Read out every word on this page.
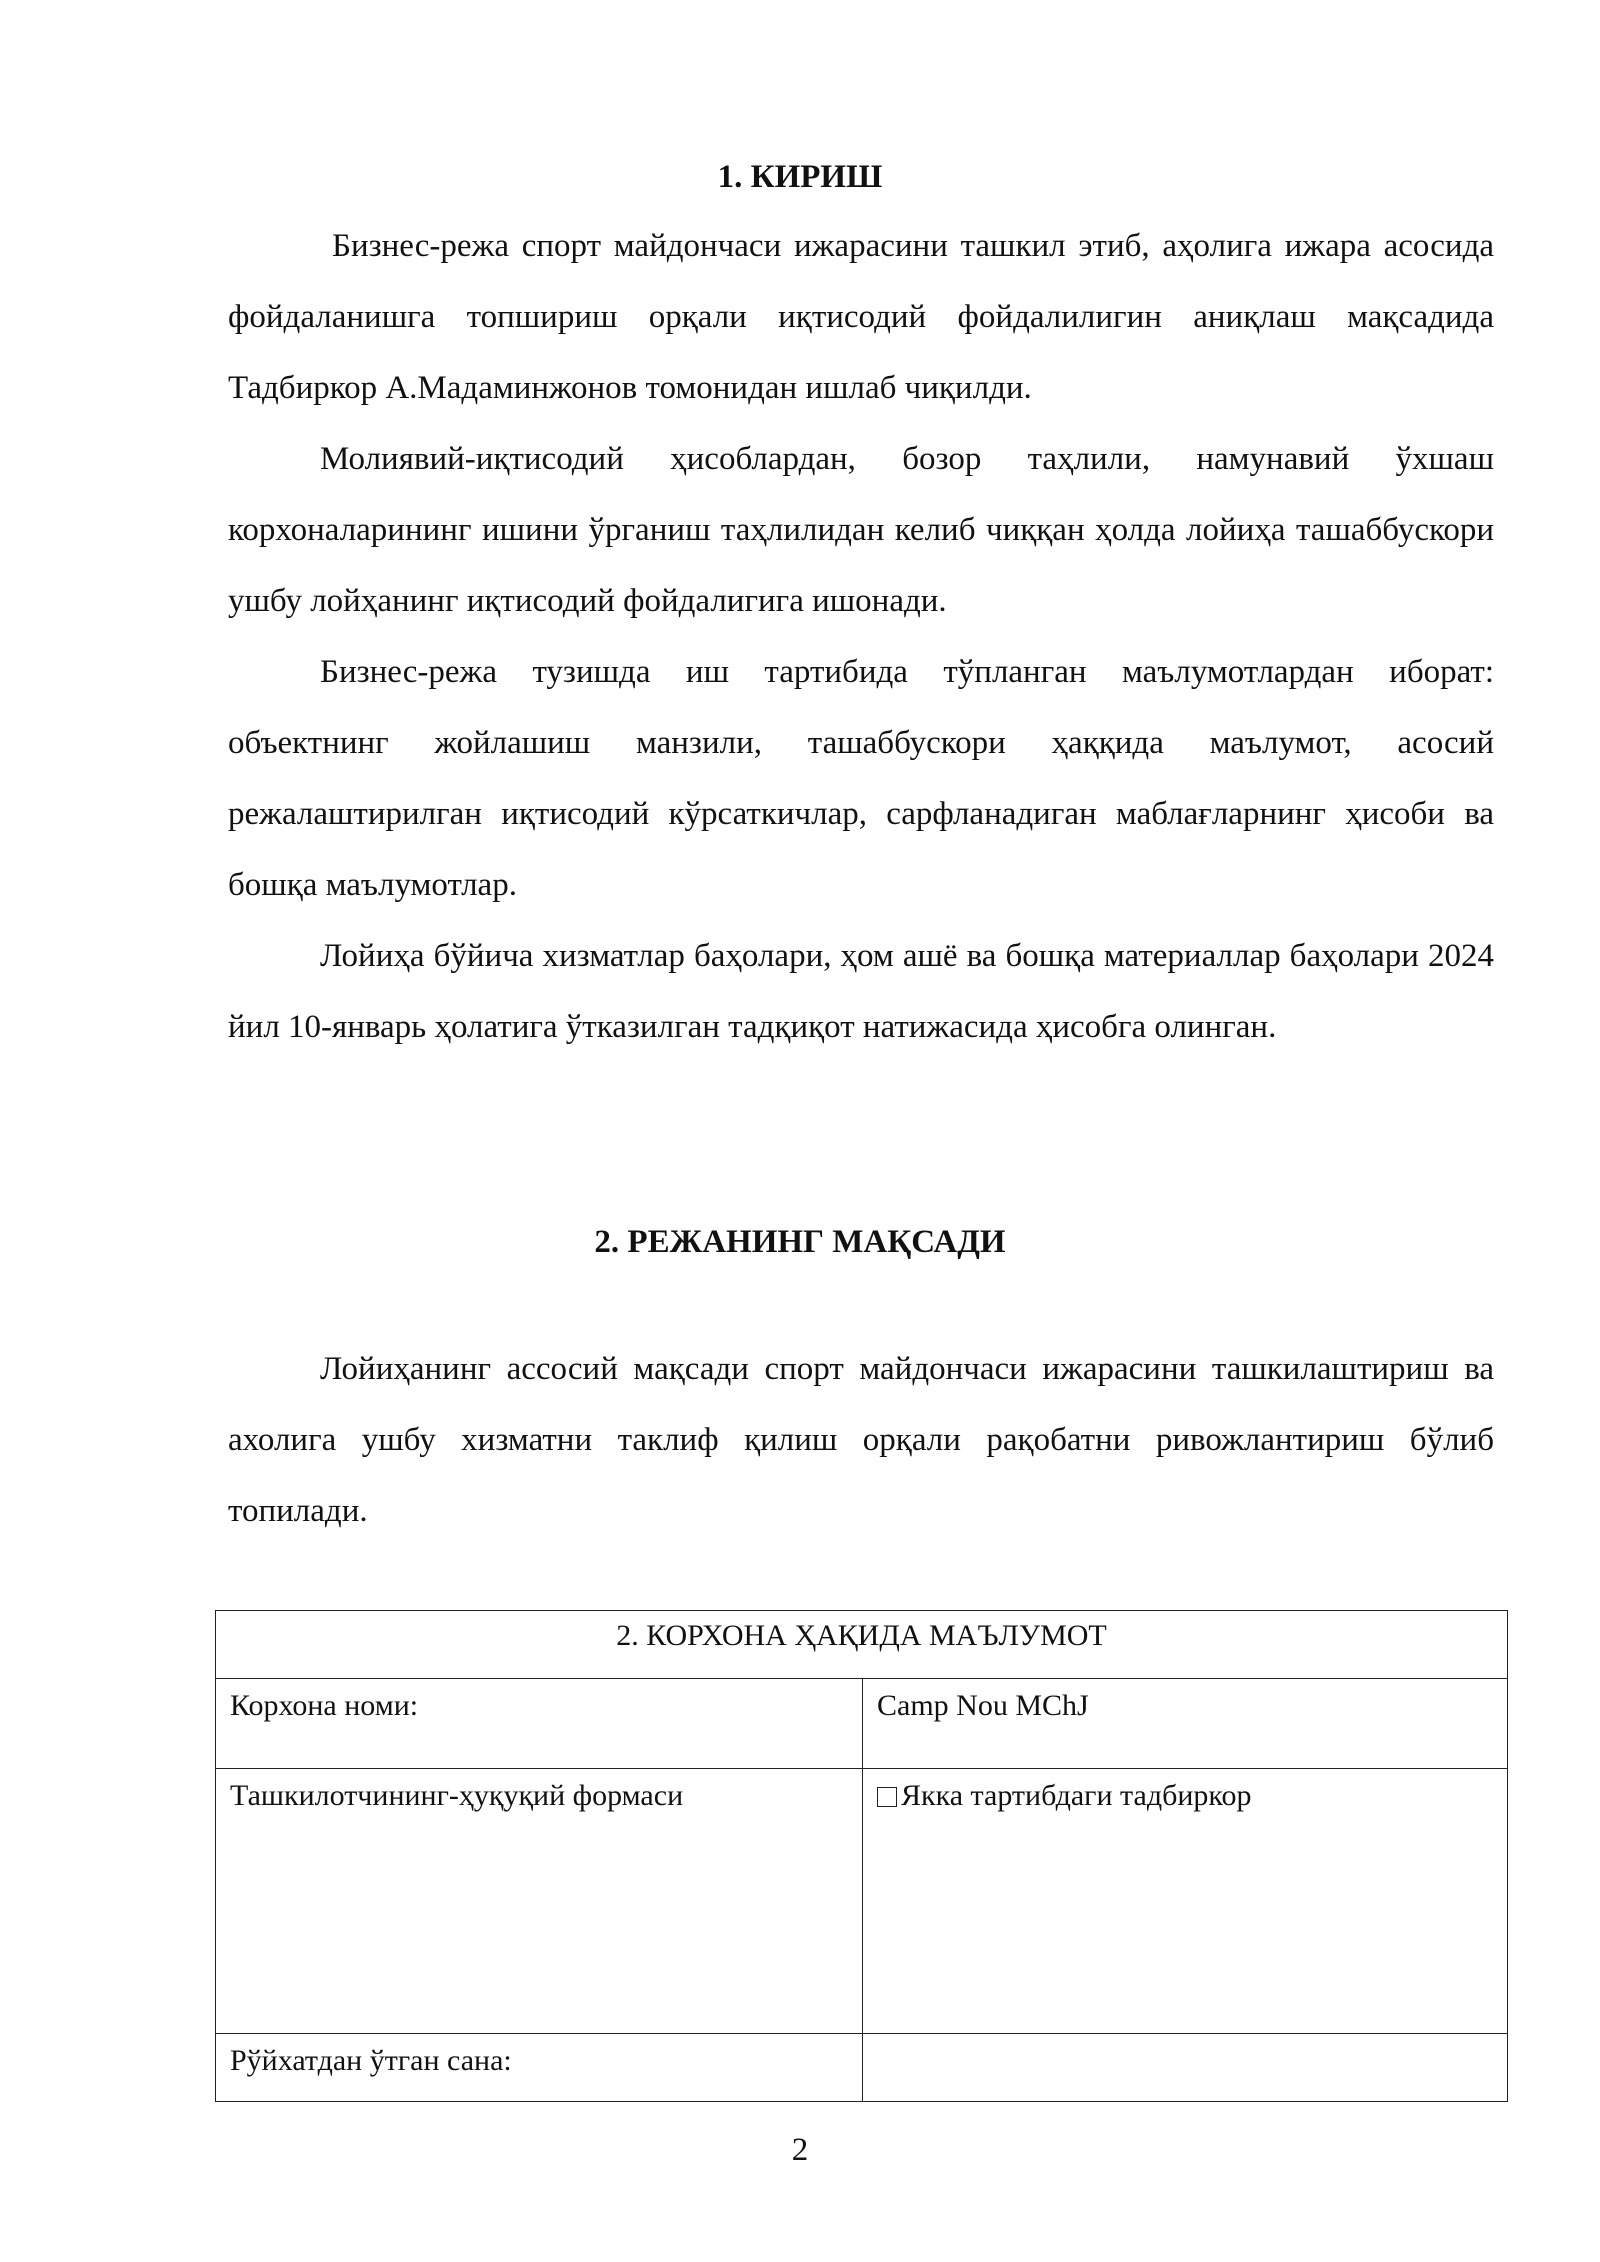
1. КИРИШ

Бизнес-режа спорт майдончаси ижарасини ташкил этиб, аҳолига ижара асосида фойдаланишга топшириш орқали иқтисодий фойдалилигин аниқлаш мақсадида Тадбиркор А.Мадаминжонов томонидан ишлаб чиқилди.

Молиявий-иқтисодий ҳисоблардан, бозор таҳлили, намунавий ўхшаш корхоналарининг ишини ўрганиш таҳлилидан келиб чиққан ҳолда лойиҳа ташаббускори ушбу лойҳанинг иқтисодий фойдалигига ишонади.

Бизнес-режа тузишда иш тартибида тўпланган маълумотлардан иборат: объектнинг жойлашиш манзили, ташаббускори ҳаққида маълумот, асосий режалаштирилган иқтисодий кўрсаткичлар, сарфланадиган маблағларнинг ҳисоби ва бошқа маълумотлар.

Лойиҳа бўйича хизматлар баҳолари, ҳом ашё ва бошқа материаллар баҳолари 2024 йил 10-январь ҳолатига ўтказилган тадқиқот натижасида ҳисобга олинган.

2. РЕЖАНИНГ МАҚСАДИ

Лойиҳанинг ассосий мақсади спорт майдончаси ижарасини ташкилаштириш ва ахолига ушбу хизматни таклиф қилиш орқали рақобатни ривожлантириш бўлиб топилади.

2. КОРХОНА ҲАҚИДА МАЪЛУМОТ	
Корхона номи:	Camp Nou MChJ
Ташкилотчининг-ҳуқуқий формаси	Якка тартибдаги тадбиркор
Рўйхатдан ўтган сана:	
2
